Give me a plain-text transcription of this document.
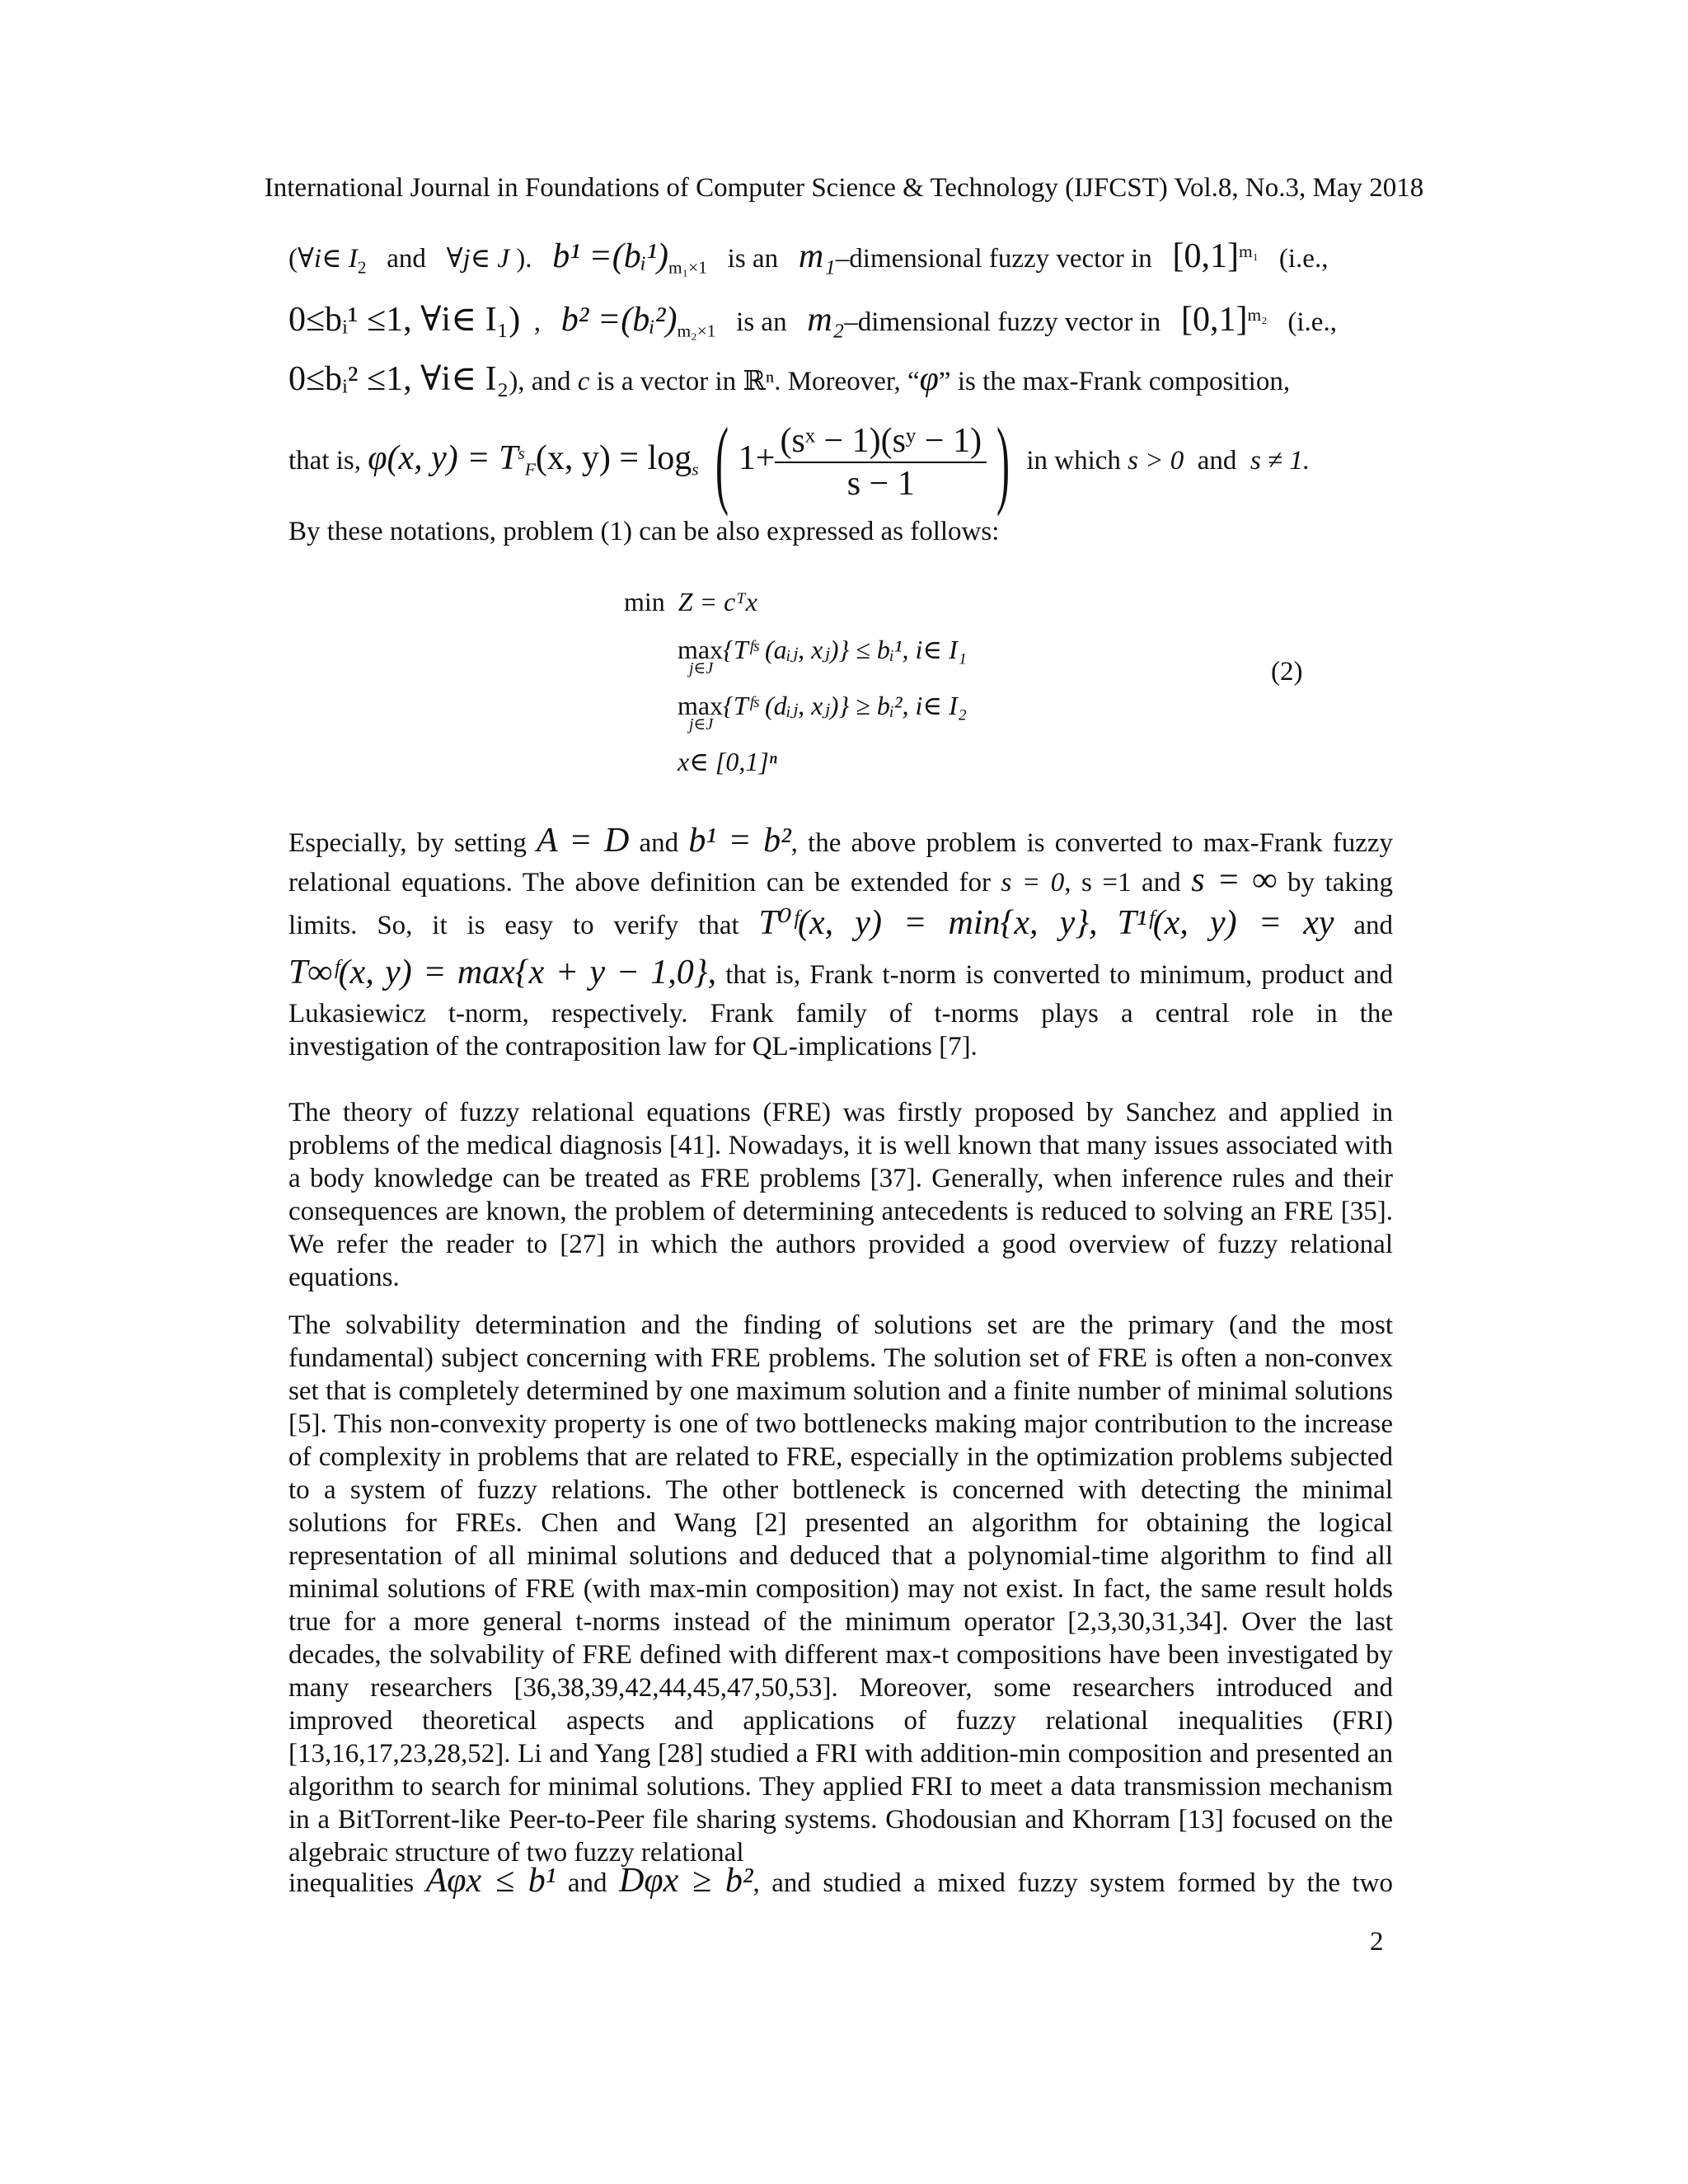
International Journal in Foundations of Computer Science & Technology (IJFCST) Vol.8, No.3, May 2018
(∀i∈ $I_2$ and ∀j∈ J ). $b^1 =(bᵢ^1)_{m_1\times 1}$ is an m₁–dimensional fuzzy vector in $[0,1]^{m_1}$ (i.e.,
0≤bᵢ¹ ≤1, ∀i∈ I₁)  ,   $b^2 =(bᵢ^2)_{m_2\times 1}$ is an m₂–dimensional fuzzy vector in $[0,1]^{m_2}$ (i.e.,
0≤bᵢ² ≤1, ∀i∈ I₂), and c is a vector in ℝⁿ. Moreover, “φ” is the max-Frank composition,
that is, φ(x, $y) = T^s_F(x$, $y) = \log_s$ ( $1+ \frac{\text{(sˣ − 1)(sʸ − 1)}}{s - 1}$ ) in which s > 0 and s ≠ 1.
By these notations, problem (1) can be also expressed as follows:
min Z = cᵀx
max{Tᶠˢ (aᵢⱼ, xⱼ)} ≤ bᵢ¹, i∈ I₁
j∈J
max{Tᶠˢ (dᵢⱼ, xⱼ)} ≥ bᵢ², i∈ I₂
j∈J
x∈ [0,1]ⁿ
(2)
Especially, by setting A = D and b¹ = b², the above problem is converted to max-Frank fuzzy
relational equations. The above definition can be extended for s = 0, s =1 and s = ∞ by taking
limits. So, it is easy to verify that T⁰ᶠ(x, y) = min{x, y}, T¹ᶠ(x, y) = xy and
T∞ᶠ(x, y) = max{x + y − 1,0}, that is, Frank t-norm is converted to minimum, product and
Lukasiewicz t-norm, respectively. Frank family of t-norms plays a central role in the
investigation of the contraposition law for QL-implications [7].
The theory of fuzzy relational equations (FRE) was firstly proposed by Sanchez and applied in problems of the medical diagnosis [41]. Nowadays, it is well known that many issues associated with a body knowledge can be treated as FRE problems [37]. Generally, when inference rules and their consequences are known, the problem of determining antecedents is reduced to solving an FRE [35]. We refer the reader to [27] in which the authors provided a good overview of fuzzy relational equations.
The solvability determination and the finding of solutions set are the primary (and the most fundamental) subject concerning with FRE problems. The solution set of FRE is often a non-convex set that is completely determined by one maximum solution and a finite number of minimal solutions [5]. This non-convexity property is one of two bottlenecks making major contribution to the increase of complexity in problems that are related to FRE, especially in the optimization problems subjected to a system of fuzzy relations. The other bottleneck is concerned with detecting the minimal solutions for FREs. Chen and Wang [2] presented an algorithm for obtaining the logical representation of all minimal solutions and deduced that a polynomial-time algorithm to find all minimal solutions of FRE (with max-min composition) may not exist. In fact, the same result holds true for a more general t-norms instead of the minimum operator [2,3,30,31,34]. Over the last decades, the solvability of FRE defined with different max-t compositions have been investigated by many researchers [36,38,39,42,44,45,47,50,53]. Moreover, some researchers introduced and improved theoretical aspects and applications of fuzzy relational inequalities (FRI)[13,16,17,23,28,52]. Li and Yang [28] studied a FRI with addition-min composition and presented an algorithm to search for minimal solutions. They applied FRI to meet a data transmission mechanism in a BitTorrent-like Peer-to-Peer file sharing systems. Ghodousian and Khorram [13] focused on the algebraic structure of two fuzzy relational
inequalities Aφx ≤ b¹ and Dφx ≥ b², and studied a mixed fuzzy system formed by the two
2
